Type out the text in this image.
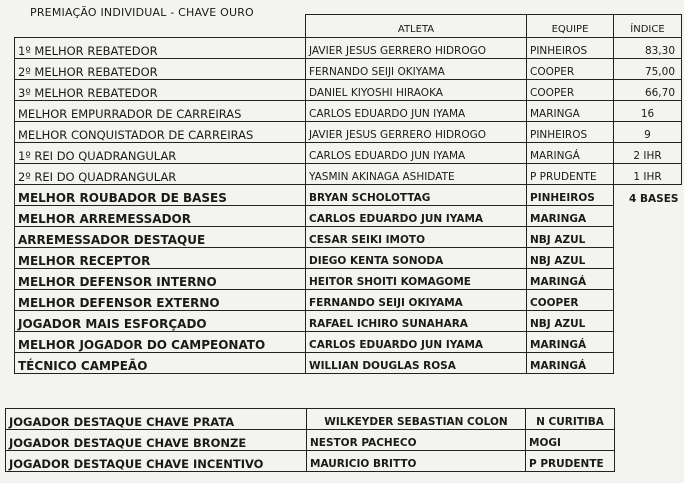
PREMIAÇÃO INDIVIDUAL - CHAVE OURO
	ATLETA	EQUIPE	ÍNDICE
1º MELHOR REBATEDOR	JAVIER JESUS GERRERO HIDROGO	PINHEIROS	83,30
2º MELHOR REBATEDOR	FERNANDO SEIJI OKIYAMA	COOPER	75,00
3º MELHOR REBATEDOR	DANIEL KIYOSHI HIRAOKA	COOPER	66,70
MELHOR EMPURRADOR DE CARREIRAS	CARLOS EDUARDO JUN IYAMA	MARINGA	16
MELHOR CONQUISTADOR DE CARREIRAS	JAVIER JESUS GERRERO HIDROGO	PINHEIROS	9
1º REI DO QUADRANGULAR	CARLOS EDUARDO JUN IYAMA	MARINGÁ	2 IHR
2º REI DO QUADRANGULAR	YASMIN AKINAGA ASHIDATE	P PRUDENTE	1 IHR
MELHOR ROUBADOR DE BASES	BRYAN SCHOLOTTAG	PINHEIROS	4 BASES
MELHOR ARREMESSADOR	CARLOS EDUARDO JUN IYAMA	MARINGA	
ARREMESSADOR DESTAQUE	CESAR SEIKI IMOTO	NBJ AZUL	
MELHOR RECEPTOR	DIEGO KENTA SONODA	NBJ AZUL	
MELHOR DEFENSOR INTERNO	HEITOR SHOITI KOMAGOME	MARINGÁ	
MELHOR DEFENSOR EXTERNO	FERNANDO SEIJI OKIYAMA	COOPER	
JOGADOR MAIS ESFORÇADO	RAFAEL ICHIRO SUNAHARA	NBJ AZUL	
MELHOR JOGADOR DO CAMPEONATO	CARLOS EDUARDO JUN IYAMA	MARINGÁ	
TÉCNICO CAMPEÃO	WILLIAN DOUGLAS ROSA	MARINGÁ	
JOGADOR DESTAQUE CHAVE PRATA	WILKEYDER SEBASTIAN COLON	N CURITIBA
JOGADOR DESTAQUE CHAVE BRONZE	NESTOR PACHECO	MOGI
JOGADOR DESTAQUE CHAVE INCENTIVO	MAURICIO BRITTO	P PRUDENTE
